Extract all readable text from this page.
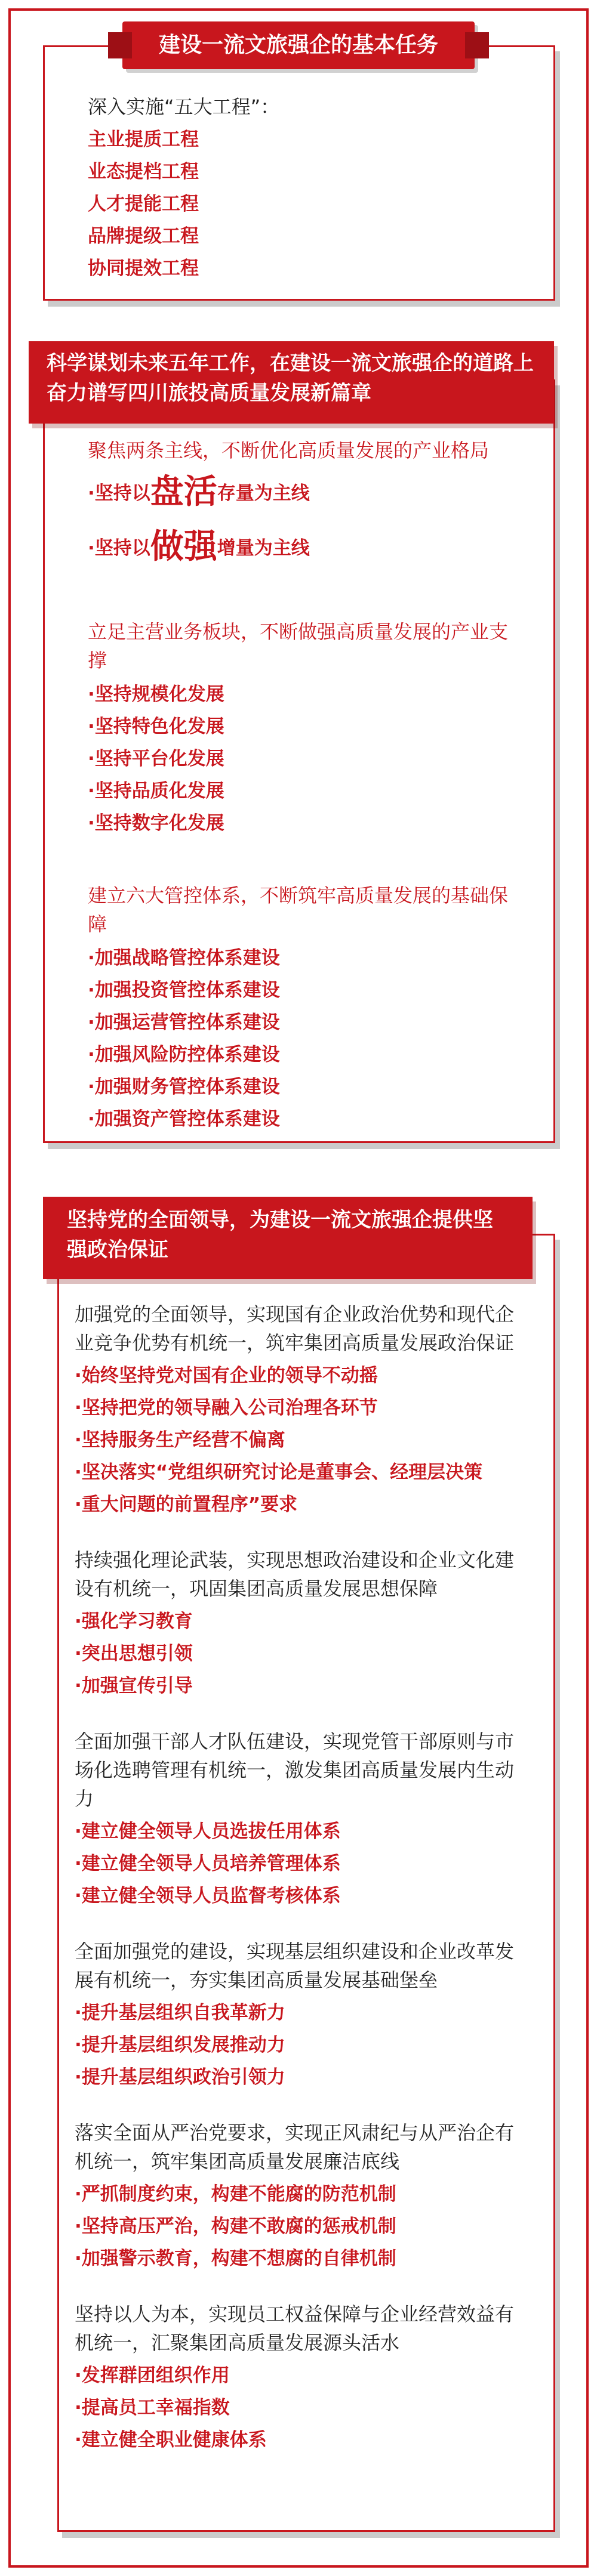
建设一流文旅强企的基本任务

深入实施“五大工程”：

主业提质工程

业态提档工程

人才提能工程

品牌提级工程

协同提效工程

科学谋划未来五年工作，在建设一流文旅强企的道路上奋力谱写四川旅投高质量发展新篇章

聚焦两条主线，不断优化高质量发展的产业格局

·坚持以盘活存量为主线

·坚持以做强增量为主线

立足主营业务板块，不断做强高质量发展的产业支撑

·坚持规模化发展

·坚持特色化发展

·坚持平台化发展

·坚持品质化发展

·坚持数字化发展

建立六大管控体系，不断筑牢高质量发展的基础保障

·加强战略管控体系建设

·加强投资管控体系建设

·加强运营管控体系建设

·加强风险防控体系建设

·加强财务管控体系建设

·加强资产管控体系建设

坚持党的全面领导，为建设一流文旅强企提供坚强政治保证

加强党的全面领导，实现国有企业政治优势和现代企业竞争优势有机统一，筑牢集团高质量发展政治保证

·始终坚持党对国有企业的领导不动摇

·坚持把党的领导融入公司治理各环节

·坚持服务生产经营不偏离

·坚决落实“党组织研究讨论是董事会、经理层决策

·重大问题的前置程序”要求

持续强化理论武装，实现思想政治建设和企业文化建设有机统一，巩固集团高质量发展思想保障

·强化学习教育

·突出思想引领

·加强宣传引导

全面加强干部人才队伍建设，实现党管干部原则与市场化选聘管理有机统一，激发集团高质量发展内生动力

·建立健全领导人员选拔任用体系

·建立健全领导人员培养管理体系

·建立健全领导人员监督考核体系

全面加强党的建设，实现基层组织建设和企业改革发展有机统一，夯实集团高质量发展基础堡垒

·提升基层组织自我革新力

·提升基层组织发展推动力

·提升基层组织政治引领力

落实全面从严治党要求，实现正风肃纪与从严治企有机统一，筑牢集团高质量发展廉洁底线

·严抓制度约束，构建不能腐的防范机制

·坚持高压严治，构建不敢腐的惩戒机制

·加强警示教育，构建不想腐的自律机制

坚持以人为本，实现员工权益保障与企业经营效益有机统一，汇聚集团高质量发展源头活水

·发挥群团组织作用

·提高员工幸福指数

·建立健全职业健康体系
